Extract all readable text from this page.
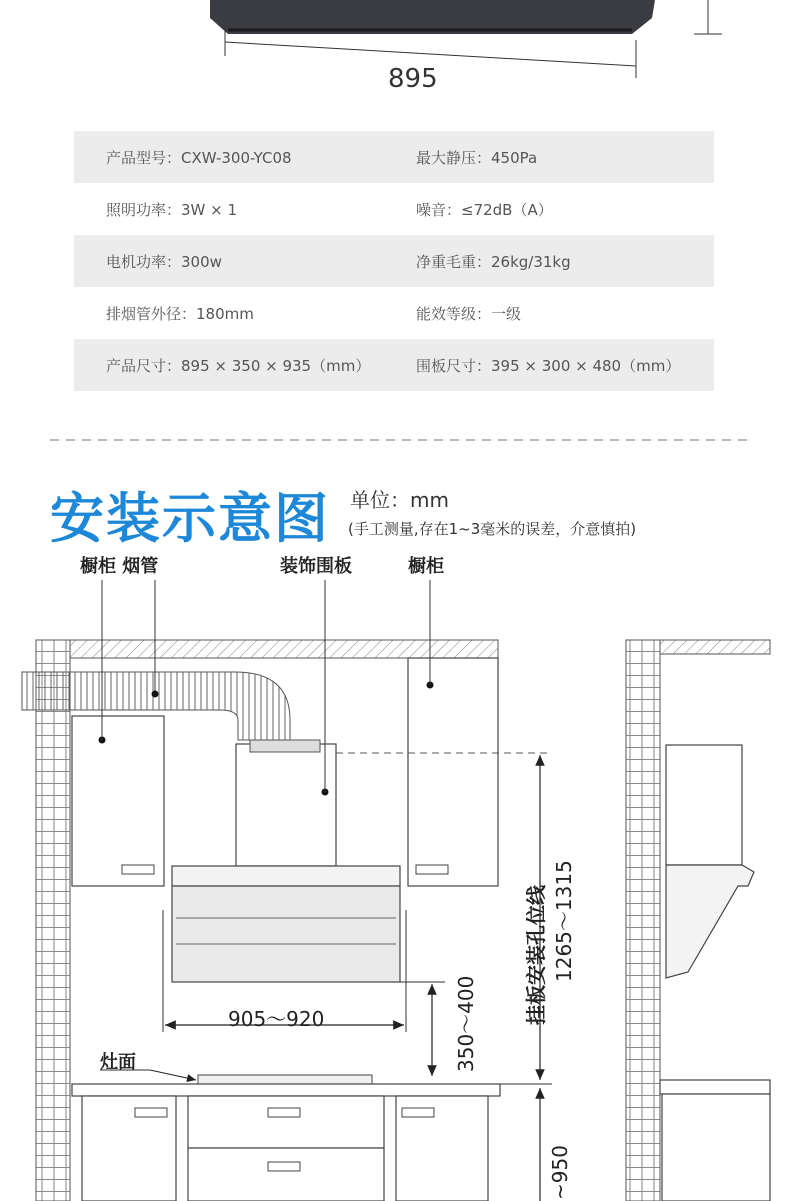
895
产品型号：CXW-300-YC08	最大静压：450Pa
照明功率：3W × 1	噪音：≤72dB（A）
电机功率：300w	净重毛重：26kg/31kg
排烟管外径：180mm	能效等级：一级
产品尺寸：895 × 350 × 935（mm）	围板尺寸：395 × 300 × 480（mm）
安装示意图 单位：mm
(手工测量,存在1~3毫米的误差，介意慎拍)
橱柜 烟管	装饰围板	橱柜
灶面
905～920	350～400 挂板安装孔位线 1265～1315
~950
